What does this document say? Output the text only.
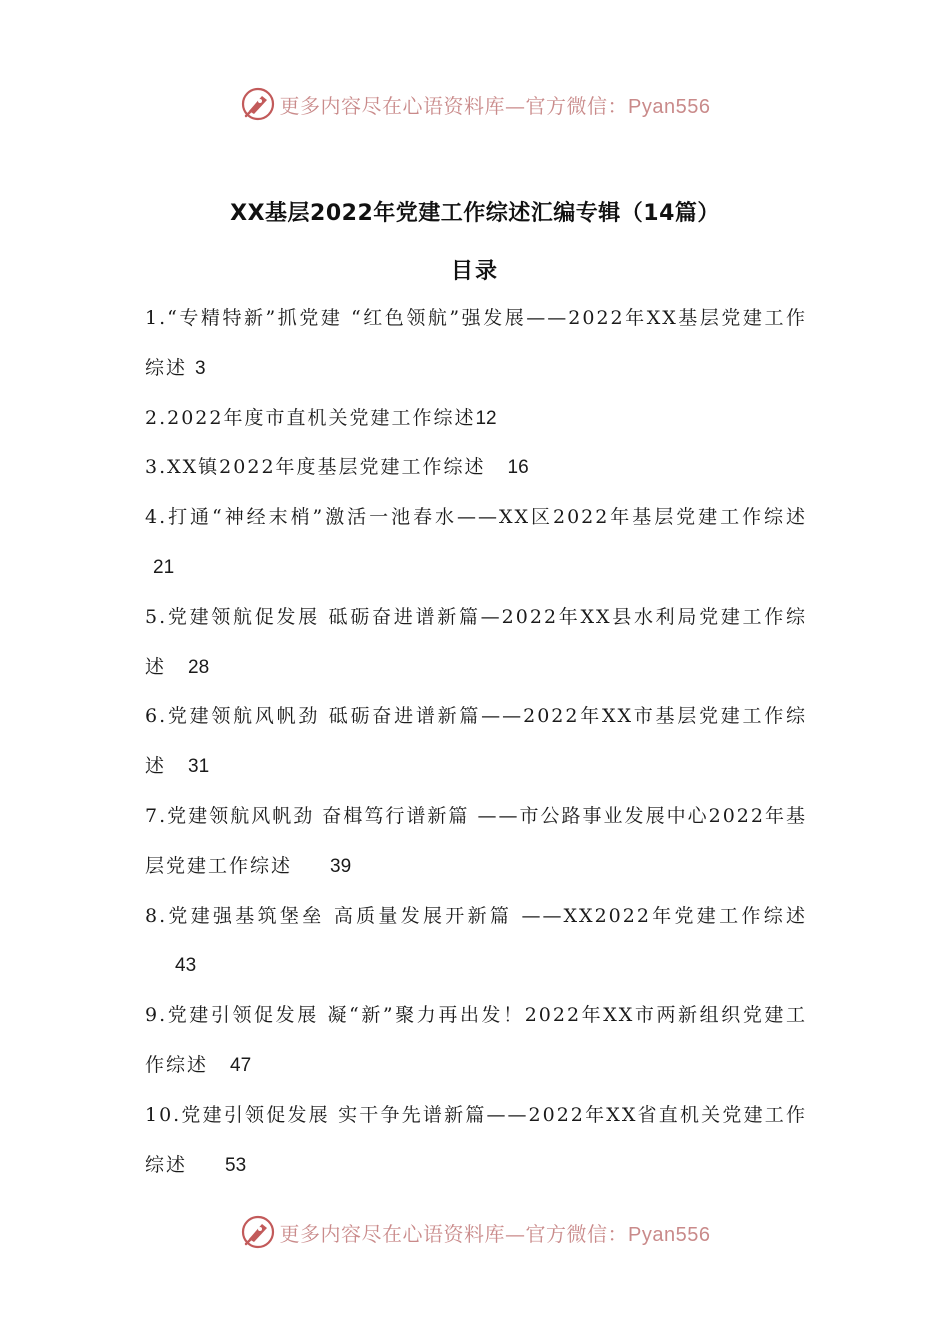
更多内容尽在心语资料库—官方微信：Pyan556
XX基层2022年党建工作综述汇编专辑（14篇）
目录
1.“专精特新”抓党建 “红色领航”强发展——2022年XX基层党建工作综述 3
2.2022年度市直机关党建工作综述12
3.XX镇2022年度基层党建工作综述 16
4.打通“神经末梢”激活一池春水——XX区2022年基层党建工作综述21
5.党建领航促发展 砥砺奋进谱新篇—2022年XX县水利局党建工作综述 28
6.党建领航风帆劲 砥砺奋进谱新篇——2022年XX市基层党建工作综述 31
7.党建领航风帆劲 奋楫笃行谱新篇 ——市公路事业发展中心2022年基层党建工作综述 39
8.党建强基筑堡垒 高质量发展开新篇 ——XX2022年党建工作综述43
9.党建引领促发展 凝“新”聚力再出发！2022年XX市两新组织党建工作综述 47
10.党建引领促发展 实干争先谱新篇——2022年XX省直机关党建工作综述 53
更多内容尽在心语资料库—官方微信：Pyan556
